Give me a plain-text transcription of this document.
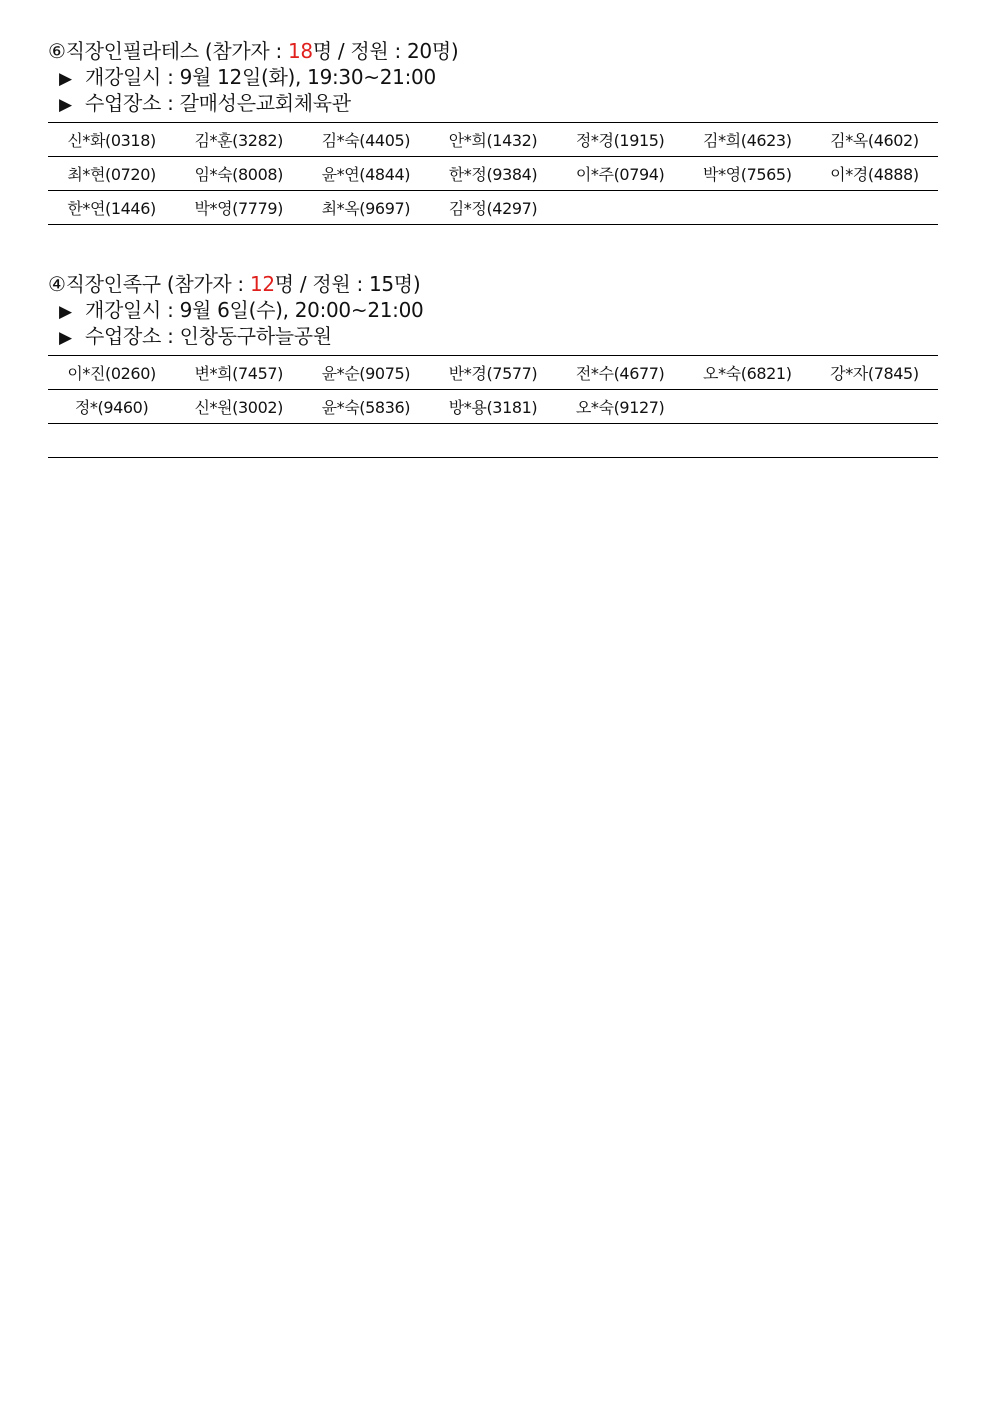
⑥직장인필라테스 (참가자 : 18명 / 정원 : 20명)
▶ 개강일시 : 9월 12일(화), 19:30~21:00
▶ 수업장소 : 갈매성은교회체육관
신*화(0318)	김*훈(3282)	김*숙(4405)	안*희(1432)	정*경(1915)	김*희(4623)	김*옥(4602)
최*현(0720)	임*숙(8008)	윤*연(4844)	한*정(9384)	이*주(0794)	박*영(7565)	이*경(4888)
한*연(1446)	박*영(7779)	최*옥(9697)	김*정(4297)			
④직장인족구 (참가자 : 12명 / 정원 : 15명)
▶ 개강일시 : 9월 6일(수), 20:00~21:00
▶ 수업장소 : 인창동구하늘공원
이*진(0260)	변*희(7457)	윤*순(9075)	반*경(7577)	전*수(4677)	오*숙(6821)	강*자(7845)
정*(9460)	신*원(3002)	윤*숙(5836)	방*용(3181)	오*숙(9127)		
